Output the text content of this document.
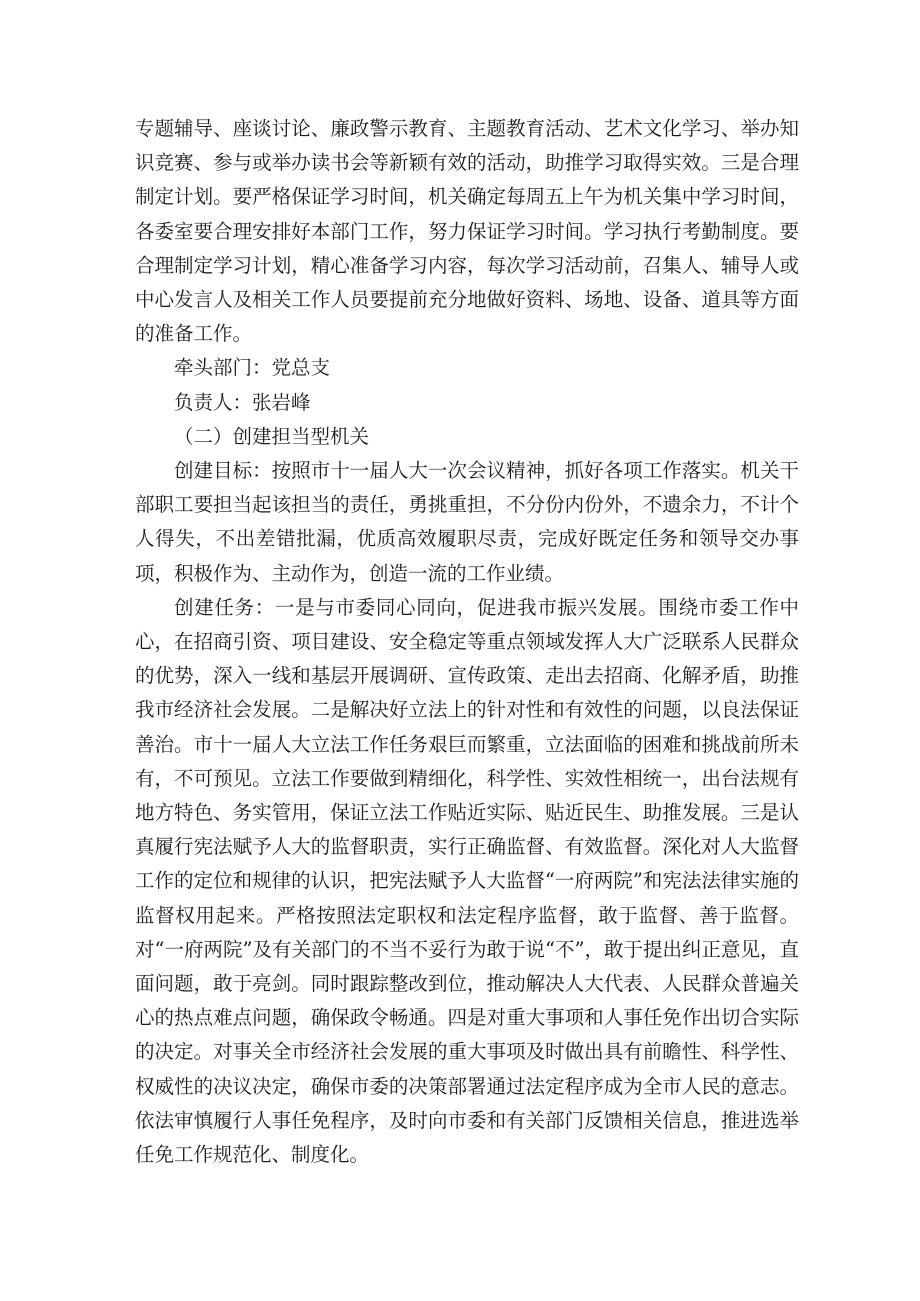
专题辅导、座谈讨论、廉政警示教育、主题教育活动、艺术文化学习、举办知识竞赛、参与或举办读书会等新颖有效的活动，助推学习取得实效。三是合理制定计划。要严格保证学习时间，机关确定每周五上午为机关集中学习时间，各委室要合理安排好本部门工作，努力保证学习时间。学习执行考勤制度。要合理制定学习计划，精心准备学习内容，每次学习活动前，召集人、辅导人或中心发言人及相关工作人员要提前充分地做好资料、场地、设备、道具等方面的准备工作。

牵头部门：党总支

负责人：张岩峰

（二）创建担当型机关

创建目标：按照市十一届人大一次会议精神，抓好各项工作落实。机关干部职工要担当起该担当的责任，勇挑重担，不分份内份外，不遗余力，不计个人得失，不出差错批漏，优质高效履职尽责，完成好既定任务和领导交办事项，积极作为、主动作为，创造一流的工作业绩。

创建任务：一是与市委同心同向，促进我市振兴发展。围绕市委工作中心，在招商引资、项目建设、安全稳定等重点领域发挥人大广泛联系人民群众的优势，深入一线和基层开展调研、宣传政策、走出去招商、化解矛盾，助推我市经济社会发展。二是解决好立法上的针对性和有效性的问题，以良法保证善治。市十一届人大立法工作任务艰巨而繁重，立法面临的困难和挑战前所未有，不可预见。立法工作要做到精细化，科学性、实效性相统一，出台法规有地方特色、务实管用，保证立法工作贴近实际、贴近民生、助推发展。三是认真履行宪法赋予人大的监督职责，实行正确监督、有效监督。深化对人大监督工作的定位和规律的认识，把宪法赋予人大监督“一府两院”和宪法法律实施的监督权用起来。严格按照法定职权和法定程序监督，敢于监督、善于监督。对“一府两院”及有关部门的不当不妥行为敢于说“不”，敢于提出纠正意见，直面问题，敢于亮剑。同时跟踪整改到位，推动解决人大代表、人民群众普遍关心的热点难点问题，确保政令畅通。四是对重大事项和人事任免作出切合实际的决定。对事关全市经济社会发展的重大事项及时做出具有前瞻性、科学性、权威性的决议决定，确保市委的决策部署通过法定程序成为全市人民的意志。依法审慎履行人事任免程序，及时向市委和有关部门反馈相关信息，推进选举任免工作规范化、制度化。
